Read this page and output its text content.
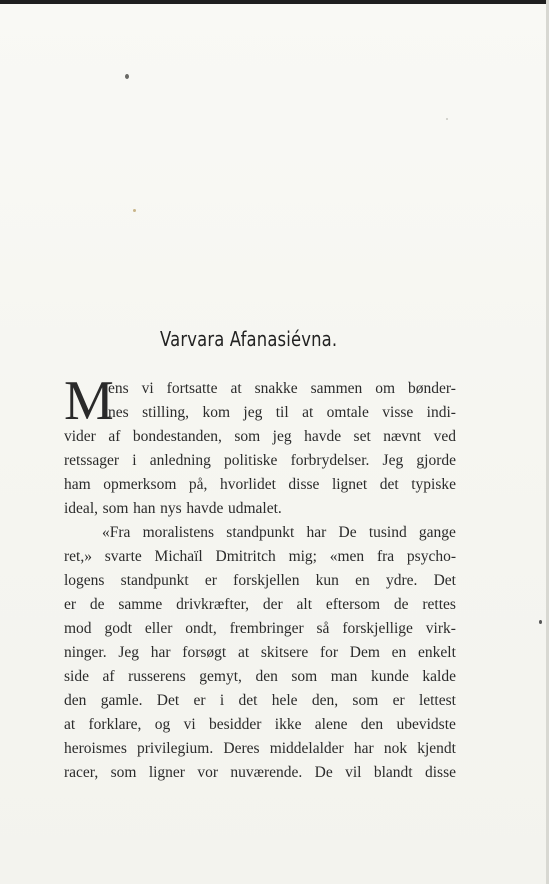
Varvara Afanasiévna.
M
ens vi fortsatte at snakke sammen om bønder-
nes stilling, kom jeg til at omtale visse indi-
vider af bondestanden, som jeg havde set nævnt ved
retssager i anledning politiske forbrydelser. Jeg gjorde
ham opmerksom på, hvorlidet disse lignet det typiske
ideal, som han nys havde udmalet.
«Fra moralistens standpunkt har De tusind gange
ret,» svarte Michaïl Dmitritch mig; «men fra psycho-
logens standpunkt er forskjellen kun en ydre. Det
er de samme drivkræfter, der alt eftersom de rettes
mod godt eller ondt, frembringer så forskjellige virk-
ninger. Jeg har forsøgt at skitsere for Dem en enkelt
side af russerens gemyt, den som man kunde kalde
den gamle. Det er i det hele den, som er lettest
at forklare, og vi besidder ikke alene den ubevidste
heroismes privilegium. Deres middelalder har nok kjendt
racer, som ligner vor nuværende. De vil blandt disse
